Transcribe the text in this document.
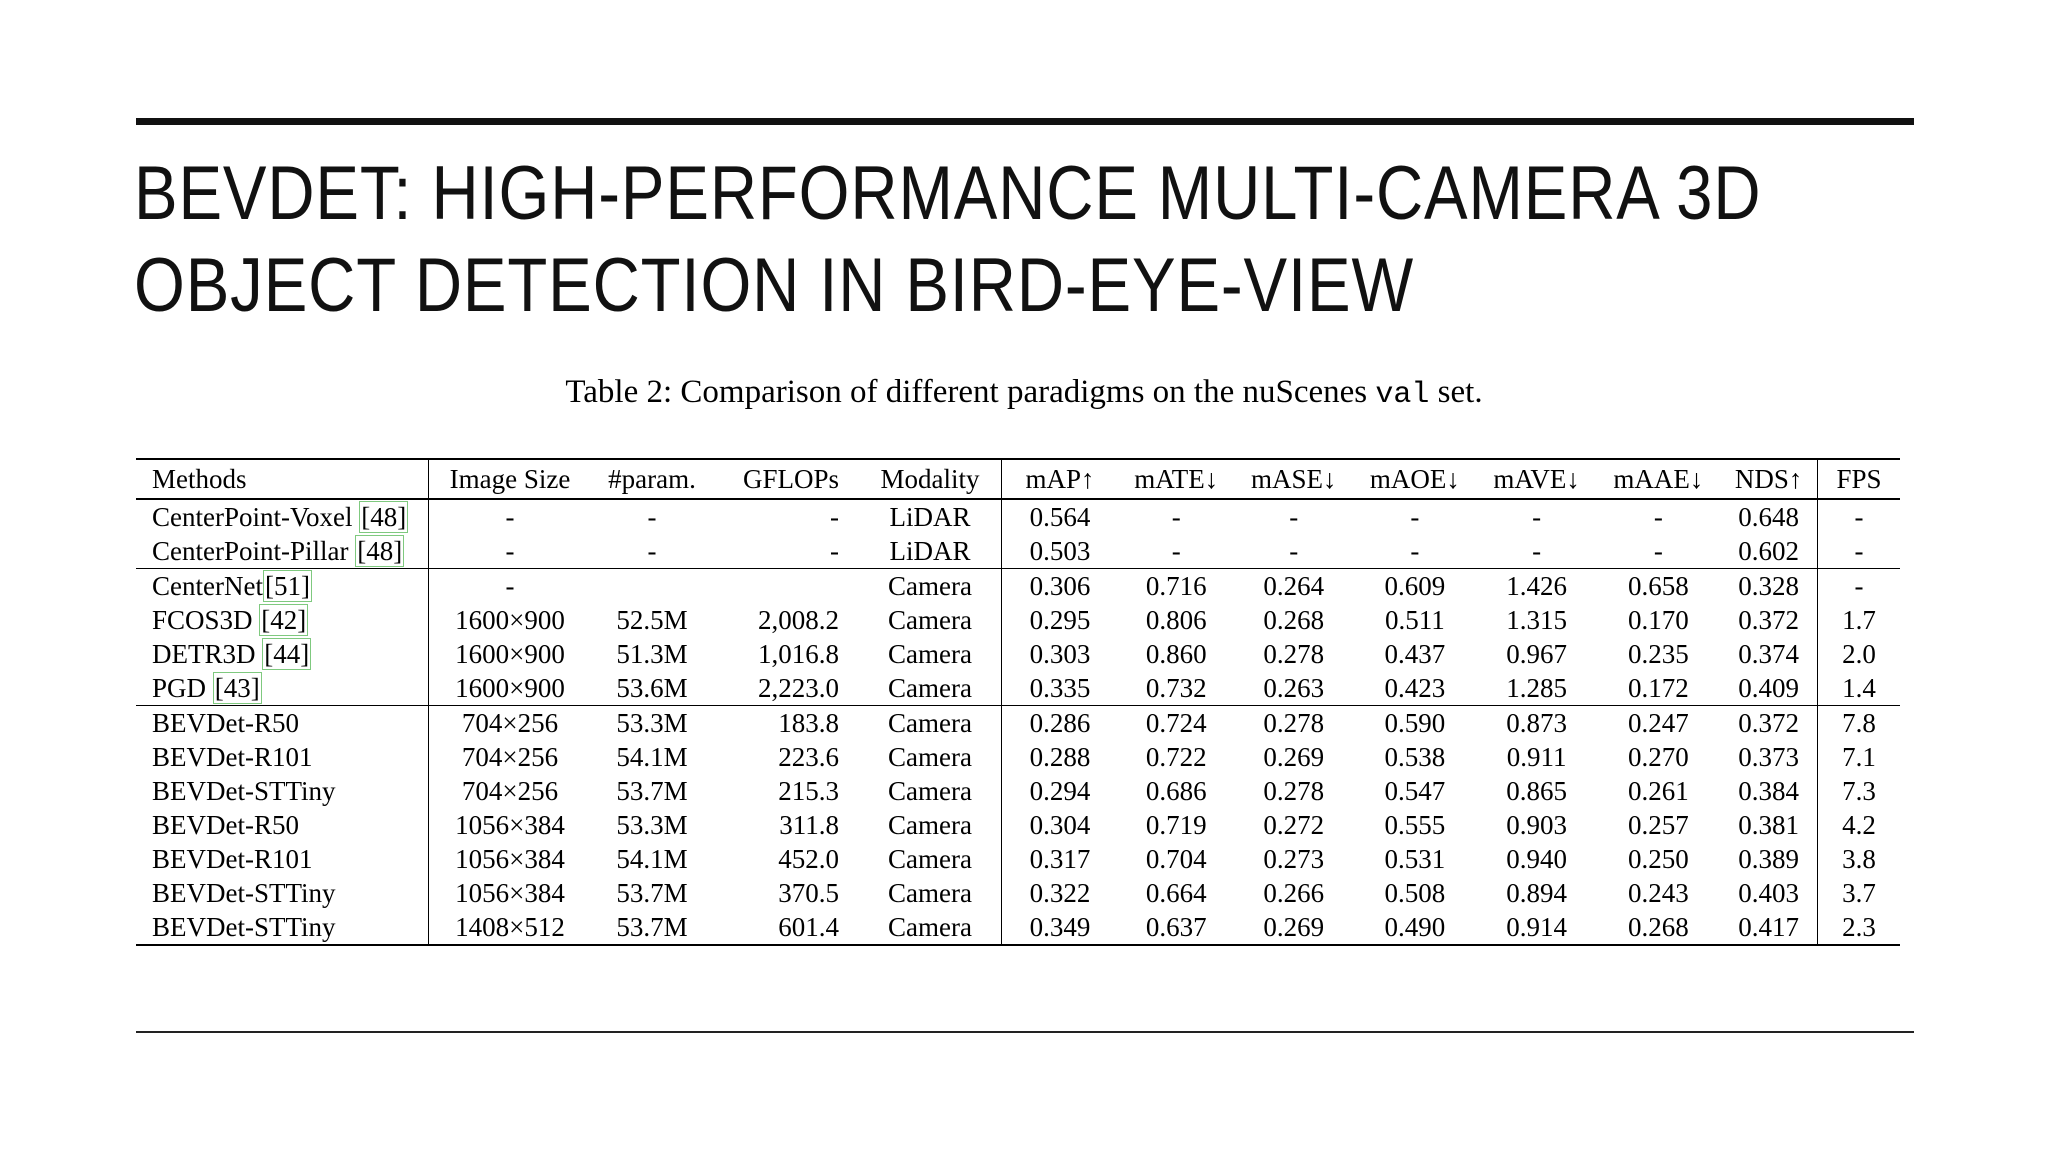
BEVDET: HIGH-PERFORMANCE MULTI-CAMERA 3D
OBJECT DETECTION IN BIRD-EYE-VIEW
Table 2: Comparison of different paradigms on the nuScenes val set.
Methods	Image Size	#param.	GFLOPs	Modality	mAP↑	mATE↓	mASE↓	mAOE↓	mAVE↓	mAAE↓	NDS↑	FPS
CenterPoint-Voxel [48]	-	-	-	LiDAR	0.564	-	-	-	-	-	0.648	-
CenterPoint-Pillar [48]	-	-	-	LiDAR	0.503	-	-	-	-	-	0.602	-
CenterNet[51]	-			Camera	0.306	0.716	0.264	0.609	1.426	0.658	0.328	-
FCOS3D [42]	1600×900	52.5M	2,008.2	Camera	0.295	0.806	0.268	0.511	1.315	0.170	0.372	1.7
DETR3D [44]	1600×900	51.3M	1,016.8	Camera	0.303	0.860	0.278	0.437	0.967	0.235	0.374	2.0
PGD [43]	1600×900	53.6M	2,223.0	Camera	0.335	0.732	0.263	0.423	1.285	0.172	0.409	1.4
BEVDet-R50	704×256	53.3M	183.8	Camera	0.286	0.724	0.278	0.590	0.873	0.247	0.372	7.8
BEVDet-R101	704×256	54.1M	223.6	Camera	0.288	0.722	0.269	0.538	0.911	0.270	0.373	7.1
BEVDet-STTiny	704×256	53.7M	215.3	Camera	0.294	0.686	0.278	0.547	0.865	0.261	0.384	7.3
BEVDet-R50	1056×384	53.3M	311.8	Camera	0.304	0.719	0.272	0.555	0.903	0.257	0.381	4.2
BEVDet-R101	1056×384	54.1M	452.0	Camera	0.317	0.704	0.273	0.531	0.940	0.250	0.389	3.8
BEVDet-STTiny	1056×384	53.7M	370.5	Camera	0.322	0.664	0.266	0.508	0.894	0.243	0.403	3.7
BEVDet-STTiny	1408×512	53.7M	601.4	Camera	0.349	0.637	0.269	0.490	0.914	0.268	0.417	2.3
